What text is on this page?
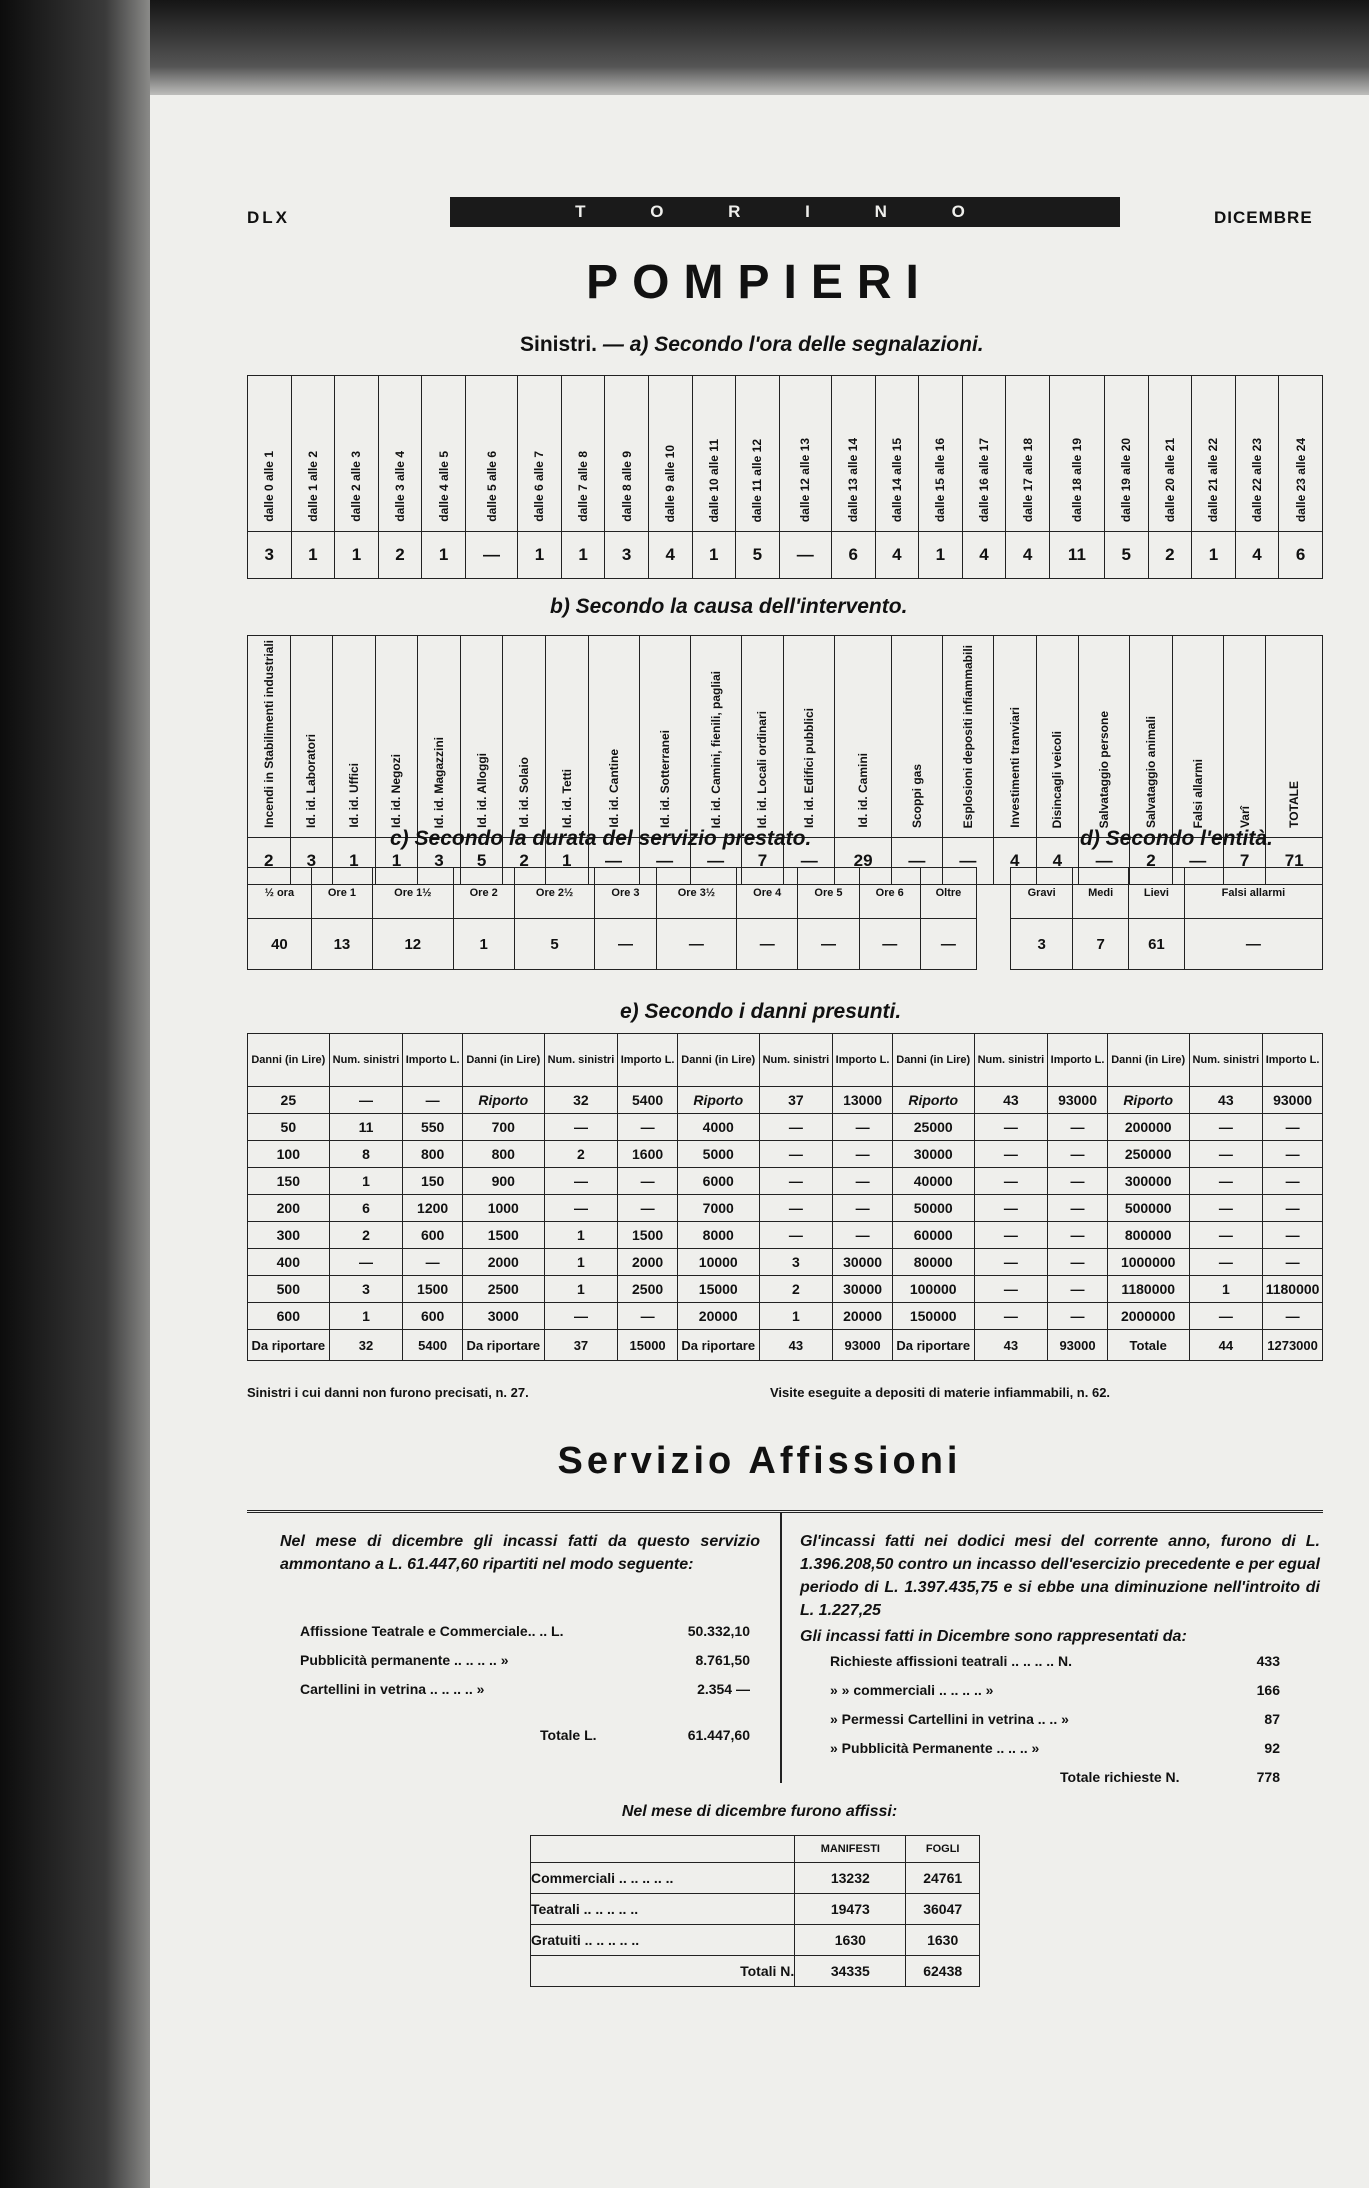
DLX	T O R I N O	DICEMBRE
POMPIERI
Sinistri. — a) Secondo l'ora delle segnalazioni.
dalle 0 alle 1	dalle 1 alle 2	dalle 2 alle 3	dalle 3 alle 4	dalle 4 alle 5	dalle 5 alle 6	dalle 6 alle 7	dalle 7 alle 8	dalle 8 alle 9	dalle 9 alle 10	dalle 10 alle 11	dalle 11 alle 12	dalle 12 alle 13	dalle 13 alle 14	dalle 14 alle 15	dalle 15 alle 16	dalle 16 alle 17	dalle 17 alle 18	dalle 18 alle 19	dalle 19 alle 20	dalle 20 alle 21	dalle 21 alle 22	dalle 22 alle 23	dalle 23 alle 24
3	1	1	2	1	—	1	1	3	4	1	5	—	6	4	1	4	4	11	5	2	1	4	6
b) Secondo la causa dell'intervento.
Incendi in Stabilimenti industriali	Id. id. Laboratori	Id. id. Uffici	Id. id. Negozi	Id. id. Magazzini	Id. id. Alloggi	Id. id. Solaio	Id. id. Tetti	Id. id. Cantine	Id. id. Sotterranei	Id. id. Camini, fienili, pagliai	Id. id. Locali ordinari	Id. id. Edifici pubblici	Id. id. Camini	Scoppi gas	Esplosioni depositi infiammabili	Investimenti tranviari	Disincagli veicoli	Salvataggio persone	Salvataggio animali	Falsi allarmi	Varî	TOTALE
2	3	1	1	3	5	2	1	—	—	—	7	—	29	—	—	4	4	—	2	—	7	71
c) Secondo la durata del servizio prestato.	d) Secondo l'entità.
½ ora	Ore 1	Ore 1½	Ore 2	Ore 2½	Ore 3	Ore 3½	Ore 4	Ore 5	Ore 6	Oltre
40	13	12	1	5	—	—	—	—	—	—
Gravi	Medi	Lievi	Falsi allarmi
3	7	61	—
e) Secondo i danni presunti.
Danni (in Lire)	Num. sinistri	Importo L.	Danni (in Lire)	Num. sinistri	Importo L.	Danni (in Lire)	Num. sinistri	Importo L.	Danni (in Lire)	Num. sinistri	Importo L.	Danni (in Lire)	Num. sinistri	Importo L.
25	—	—	Riporto	32	5400	Riporto	37	13000	Riporto	43	93000	Riporto	43	93000
50	11	550	700	—	—	4000	—	—	25000	—	—	200000	—	—
100	8	800	800	2	1600	5000	—	—	30000	—	—	250000	—	—
150	1	150	900	—	—	6000	—	—	40000	—	—	300000	—	—
200	6	1200	1000	—	—	7000	—	—	50000	—	—	500000	—	—
300	2	600	1500	1	1500	8000	—	—	60000	—	—	800000	—	—
400	—	—	2000	1	2000	10000	3	30000	80000	—	—	1000000	—	—
500	3	1500	2500	1	2500	15000	2	30000	100000	—	—	1180000	1	1180000
600	1	600	3000	—	—	20000	1	20000	150000	—	—	2000000	—	—
Da riportare	32	5400	Da riportare	37	15000	Da riportare	43	93000	Da riportare	43	93000	Totale	44	1273000
Sinistri i cui danni non furono precisati, n. 27.	Visite eseguite a depositi di materie infiammabili, n. 62.
Servizio Affissioni
Nel mese di dicembre gli incassi fatti da questo servizio ammontano a L. 61.447,60 ripartiti nel modo seguente:
Affissione Teatrale e Commerciale.. .. L.	50.332,10
Pubblicità permanente .. .. .. .. »	8.761,50
Cartellini in vetrina .. .. .. .. »	2.354 —
Totale L.	61.447,60
Gl'incassi fatti nei dodici mesi del corrente anno, furono di L. 1.396.208,50 contro un incasso dell'esercizio precedente e per egual periodo di L. 1.397.435,75 e si ebbe una diminuzione nell'introito di L. 1.227,25
Gli incassi fatti in Dicembre sono rappresentati da:
Richieste affissioni teatrali .. .. .. .. N.	433
» » commerciali .. .. .. .. »	166
» Permessi Cartellini in vetrina .. .. »	87
» Pubblicità Permanente .. .. .. »	92
Totale richieste N.	778
Nel mese di dicembre furono affissi:
	MANIFESTI	FOGLI
Commerciali .. .. .. .. ..	13232	24761
Teatrali .. .. .. .. ..	19473	36047
Gratuiti .. .. .. .. ..	1630	1630
Totali N.	34335	62438
